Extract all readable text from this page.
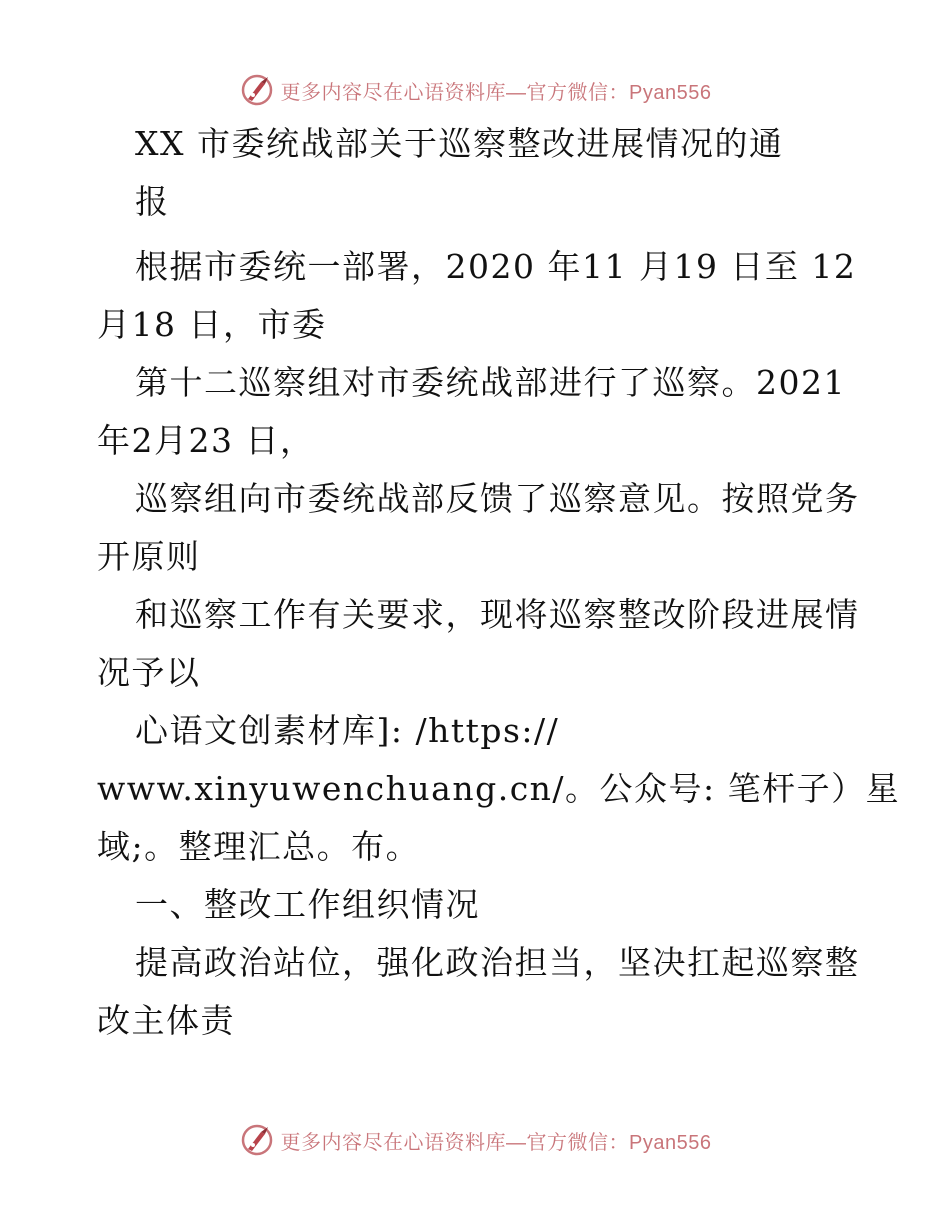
更多内容尽在心语资料库—官方微信：Pyan556
XX 市委统战部关于巡察整改进展情况的通
报
根据市委统一部署，2020 年11 月19 日至 12
月18 日，市委
第十二巡察组对市委统战部进行了巡察。2021
年2月23 日，
巡察组向市委统战部反馈了巡察意见。按照党务
开原则
和巡察工作有关要求，现将巡察整改阶段进展情
况予以
心语文创素材库]: /https://
www.xinyuwenchuang.cn/。公众号: 笔杆子）星
域;。整理汇总。布。
一、整改工作组织情况
提高政治站位，强化政治担当，坚决扛起巡察整
改主体责
更多内容尽在心语资料库—官方微信：Pyan556
